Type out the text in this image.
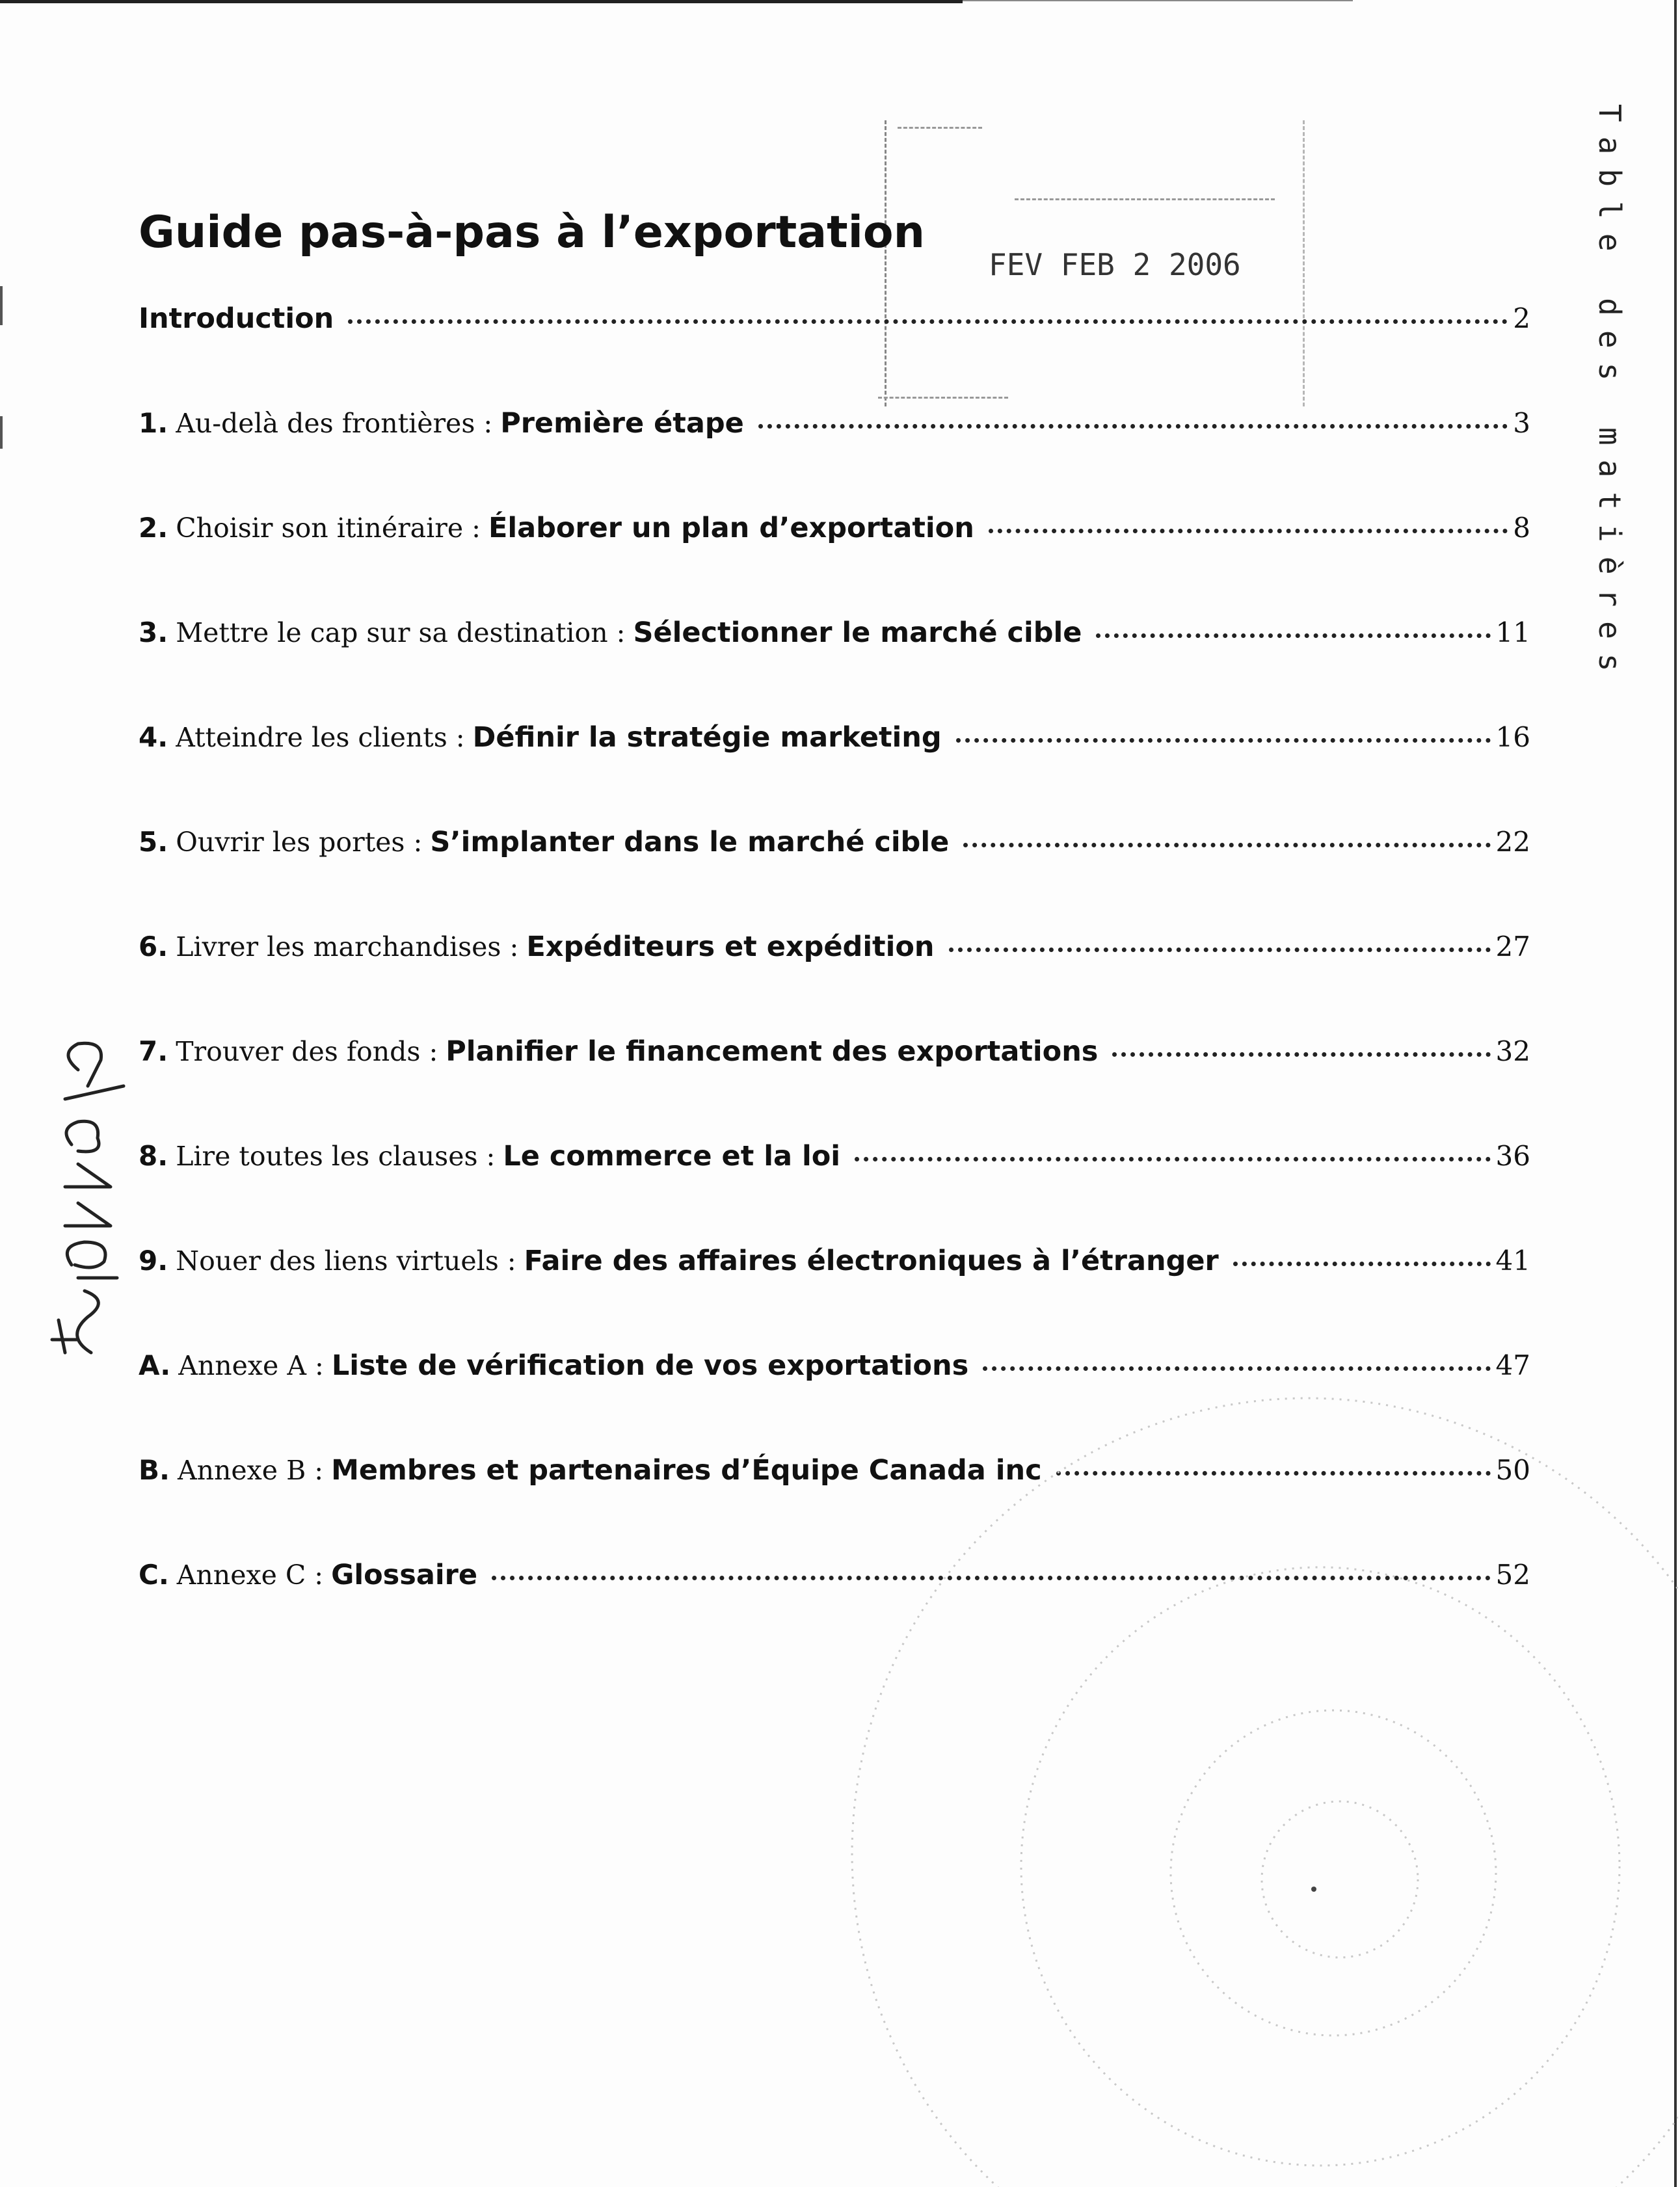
FEV FEB 2 2006
Guide pas-à-pas à l’exportation	Table des matières
Introduction	2
1. Au-delà des frontières : Première étape	3
2. Choisir son itinéraire : Élaborer un plan d’exportation	8
3. Mettre le cap sur sa destination : Sélectionner le marché cible	11
4. Atteindre les clients : Définir la stratégie marketing	16
5. Ouvrir les portes : S’implanter dans le marché cible	22
6. Livrer les marchandises : Expéditeurs et expédition	27
7. Trouver des fonds : Planifier le financement des exportations	32
8. Lire toutes les clauses : Le commerce et la loi	36
9. Nouer des liens virtuels : Faire des affaires électroniques à l’étranger	41
A. Annexe A : Liste de vérification de vos exportations	47
B. Annexe B : Membres et partenaires d’Équipe Canada inc	50
C. Annexe C : Glossaire	52
